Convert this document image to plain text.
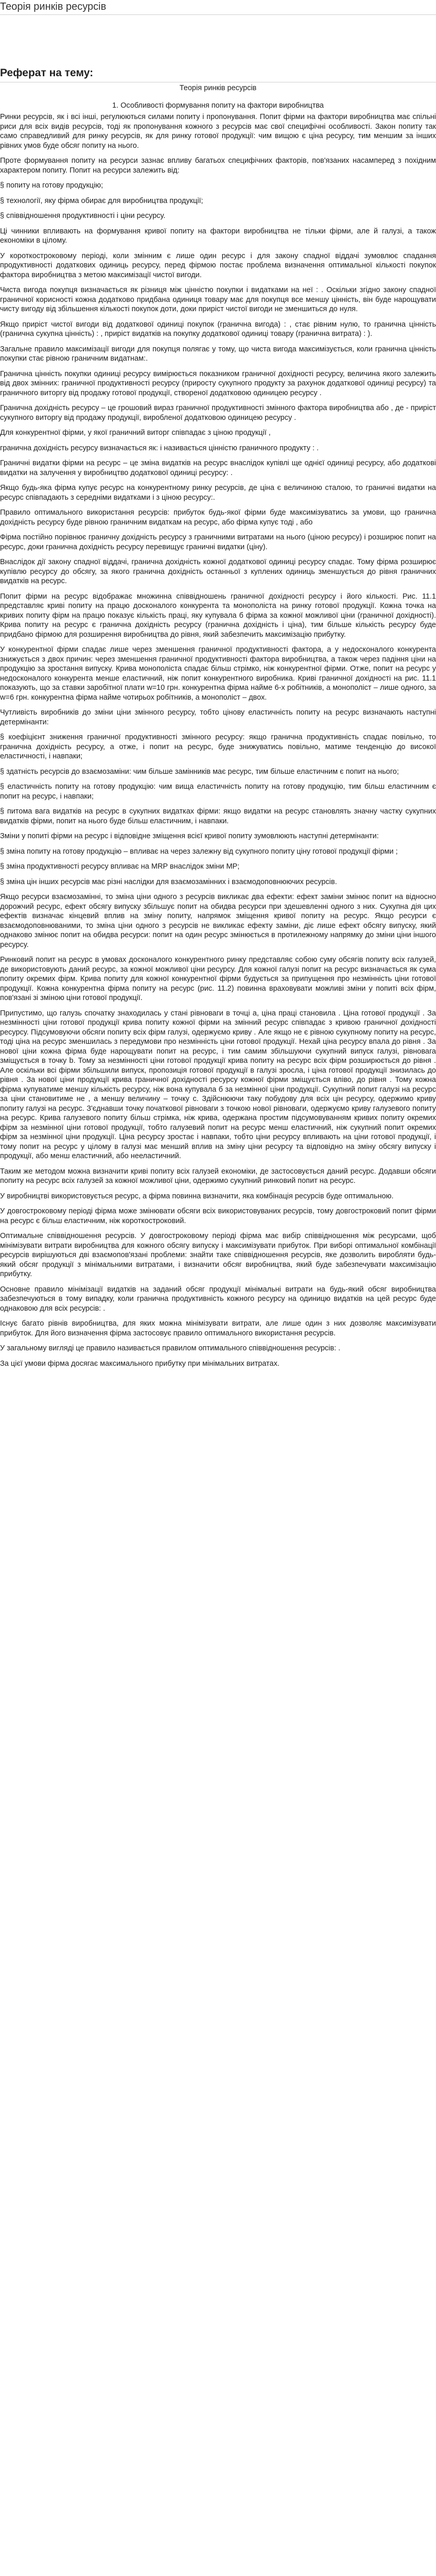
Теорія ринків ресурсів
Реферат на тему:
Теорія ринків ресурсів
1. Особливості формування попиту на фактори виробництва

Ринки ресурсів, як і всі інші, регулюються силами попиту і пропонування. Попит фірми на фактори виробництва має спільні риси для всіх видів ресурсів, тоді як пропонування кожного з ресурсів має свої специфічні особливості. Закон попиту так само справедливий для ринку ресурсів, як для ринку готової продукції: чим вищою є ціна ресурсу, тим меншим за інших рівних умов буде обсяг попиту на нього.

Проте формування попиту на ресурси зазнає впливу багатьох специфічних факторів, пов'язаних насамперед з похідним характером попиту. Попит на ресурси залежить від:

§ попиту на готову продукцію;

§ технології, яку фірма обирає для виробництва продукції;

§ співвідношення продуктивності і ціни ресурсу.

Ці чинники впливають на формування кривої попиту на фактори виробництва не тільки фірми, але й галузі, а також економіки в цілому.

У короткостроковому періоді, коли змінним є лише один ресурс і для закону спадної віддачі зумовлює спадання продуктивності додаткових одиниць ресурсу, перед фірмою постає проблема визначення оптимальної кількості покупок фактора виробництва з метою максимізації чистої вигоди.

Чиста вигода покупця визначається як різниця між цінністю покупки і видатками на неї : . Оскільки згідно закону спадної граничної корисності кожна додатково придбана одиниця товару має для покупця все меншу цінність, він буде нарощувати чисту вигоду від збільшення кількості покупок доти, доки приріст чистої вигоди не зменшиться до нуля.

Якщо приріст чистої вигоди від додаткової одиниці покупок (гранична вигода) : , стає рівним нулю, то гранична цінність (гранична сукупна цінність) : , приріст видатків на покупку додаткової одиниці товару (гранична витрата) : ).

Загальне правило максимізації вигоди для покупця полягає у тому, що чиста вигода максимізується, коли гранична цінність покупки стає рівною граничним видатнам:.

Гранична цінність покупки одиниці ресурсу вимірюється показником граничної дохідності ресурсу, величина якого залежить від двох змінних: граничної продуктивності ресурсу (приросту сукупного продукту за рахунок додаткової одиниці ресурсу) та граничного виторгу від продажу готової продукції, створеної додатковою одиницею ресурсу .

Гранична дохідність ресурсу – це грошовий вираз граничної продуктивності змінного фактора виробництва або , де - приріст сукупного виторгу від продажу продукції, виробленої додатковою одиницею ресурсу .

Для конкурентної фірми, у якої граничний виторг співпадає з ціною продукції ,

гранична дохідність ресурсу визначається як: і називається цінністю граничного продукту : .

Граничні видатки фірми на ресурс – це зміна видатків на ресурс внаслідок купівлі ще однієї одиниці ресурсу, або додаткові видатки на залучення у виробництво додаткової одиниці ресурсу: .

Якщо будь-яка фірма купує ресурс на конкурентному ринку ресурсів, де ціна є величиною сталою, то граничні видатки на ресурс співпадають з середніми видатками і з ціною ресурсу:.

Правило оптимального використання ресурсів: прибуток будь-якої фірми буде максимізуватись за умови, що гранична дохідність ресурсу буде рівною граничним видаткам на ресурс, або фірма купує тоді , або

Фірма постійно порівнює граничну дохідність ресурсу з граничними витратами на нього (ціною ресурсу) і розширює попит на ресурс, доки гранична дохідність ресурсу перевищує граничні видатки (ціну).

Внаслідок дії закону спадної віддачі, гранична дохідність кожної додаткової одиниці ресурсу спадає. Тому фірма розширює купівлю ресурсу до обсягу, за якого гранична дохідність останньої з куплених одиниць зменшується до рівня граничних видатків на ресурс.

Попит фірми на ресурс відображає множинна співвідношень граничної дохідності ресурсу і його кількості. Рис. 11.1 представляє криві попиту на працю досконалого конкурента та монополіста на ринку готової продукції. Кожна точка на кривих попиту фірм на працю показує кількість праці, яку купувала б фірма за кожної можливої ціни (граничної дохідності). Крива попиту на ресурс є гранична дохідність ресурсу (гранична дохідність і ціна), тим більше кількість ресурсу буде придбано фірмою для розширення виробництва до рівня, який забезпечить максимізацію прибутку.

У конкурентної фірми спадає лише через зменшення граничної продуктивності фактора, а у недосконалого конкурента знижується з двох причин: через зменшення граничної продуктивності фактора виробництва, а також через падіння ціни на продукцію за зростання випуску. Крива монополіста спадає більш стрімко, ніж конкурентної фірми. Отже, попит на ресурс у недосконалого конкурента менше еластичний, ніж попит конкурентного виробника. Криві граничної дохідності на рис. 11.1 показують, що за ставки заробітної плати w=10 грн. конкурентна фірма найме 6-х робітників, а монополіст – лише одного, за w=6 грн. конкурентна фірма найме чотирьох робітників, а монополіст – двох.

Чутливість виробників до зміни ціни змінного ресурсу, тобто цінову еластичність попиту на ресурс визначають наступні детермінанти:

§ коефіцієнт зниження граничної продуктивності змінного ресурсу: якщо гранична продуктивність спадає повільно, то гранична дохідність ресурсу, а отже, і попит на ресурс, буде знижуватись повільно, матиме тенденцію до високої еластичності, і навпаки;

§ здатність ресурсів до взаємозаміни: чим більше замінників має ресурс, тим більше еластичним є попит на нього;

§ еластичність попиту на готову продукцію: чим вища еластичність попиту на готову продукцію, тим більш еластичним є попит на ресурс, і навпаки;

§ питома вага видатків на ресурс в сукупних видатках фірми: якщо видатки на ресурс становлять значну частку сукупних видатків фірми, попит на нього буде більш еластичним, і навпаки.

Зміни у попиті фірми на ресурс і відповідне зміщення всієї кривої попиту зумовлюють наступні детермінанти:

§ зміна попиту на готову продукцію – впливає на через залежну від сукупного попиту ціну готової продукції фірми ;

§ зміна продуктивності ресурсу впливає на MRP внаслідок зміни MP;

§ зміна цін інших ресурсів має різні наслідки для взаємозамінних і взаємодоповнюючих ресурсів.

Якщо ресурси взаємозамінні, то зміна ціни одного з ресурсів викликає два ефекти: ефект заміни змінює попит на відносно дорожчий ресурс, ефект обсягу випуску збільшує попит на обидва ресурси при здешевленні одного з них. Сукупна дія цих ефектів визначає кінцевий вплив на зміну попиту, напрямок зміщення кривої попиту на ресурс. Якщо ресурси є взаємодоповнюваними, то зміна ціни одного з ресурсів не викликає ефекту заміни, діє лише ефект обсягу випуску, який однаково змінює попит на обидва ресурси: попит на один ресурс змінюється в протилежному напрямку до зміни ціни іншого ресурсу.

Ринковий попит на ресурс в умовах досконалого конкурентного ринку представляє собою суму обсягів попиту всіх галузей, де використовують даний ресурс, за кожної можливої ціни ресурсу. Для кожної галузі попит на ресурс визначається як сума попиту окремих фірм. Крива попиту для кожної конкурентної фірми будується за припущення про незмінність ціни готової продукції. Кожна конкурентна фірма попиту на ресурс (рис. 11.2) повинна враховувати можливі зміни у попиті всіх фірм, пов'язані зі зміною ціни готової продукції.

Припустимо, що галузь спочатку знаходилась у стані рівноваги в точці а, ціна праці становила . Ціна готової продукції . За незмінності ціни готової продукції крива попиту кожної фірми на змінний ресурс співпадає з кривою граничної дохідності ресурсу. Підсумовуючи обсяги попиту всіх фірм галузі, одержуємо криву . Але якщо не є рівною сукупному попиту на ресурс, тоді ціна на ресурс зменшилась з передумови про незмінність ціни готової продукції. Нехай ціна ресурсу впала до рівня . За нової ціни кожна фірма буде нарощувати попит на ресурс, і тим самим збільшуючи сукупний випуск галузі, рівновага зміщується в точку b. Тому за незмінності ціни готової продукції крива попиту на ресурс всіх фірм розширюється до рівня . Але оскільки всі фірми збільшили випуск, пропозиція готової продукції в галузі зросла, і ціна готової продукції знизилась до рівня . За нової ціни продукції крива граничної дохідності ресурсу кожної фірми зміщується вліво, до рівня . Тому кожна фірма купуватиме меншу кількість ресурсу, ніж вона купувала б за незмінної ціни продукції. Сукупний попит галузі на ресурс за ціни становитиме не , а меншу величину – точку c. Здійснюючи таку побудову для всіх цін ресурсу, одержимо криву попиту галузі на ресурс. З'єднавши точку початкової рівноваги з точкою нової рівноваги, одержуємо криву галузевого попиту на ресурс. Крива галузевого попиту більш стрімка, ніж крива, одержана простим підсумовуванням кривих попиту окремих фірм за незмінної ціни готової продукції, тобто галузевий попит на ресурс менш еластичний, ніж сукупний попит окремих фірм за незмінної ціни продукції. Ціна ресурсу зростає і навпаки, тобто ціни ресурсу впливають на ціни готової продукції, і тому попит на ресурс у цілому в галузі має менший вплив на зміну ціни ресурсу та відповідно на зміну обсягу випуску і продукції, або менш еластичний, або нееластичний.

Таким же методом можна визначити криві попиту всіх галузей економіки, де застосовується даний ресурс. Додавши обсяги попиту на ресурс всіх галузей за кожної можливої ціни, одержимо сукупний ринковий попит на ресурс.

У виробництві використовується ресурс, а фірма повинна визначити, яка комбінація ресурсів буде оптимальною.

У довгостроковому періоді фірма може змінювати обсяги всіх використовуваних ресурсів, тому довгостроковий попит фірми на ресурс є більш еластичним, ніж короткостроковий.

Оптимальне співвідношення ресурсів. У довгостроковому періоді фірма має вибір співвідношення між ресурсами, щоб мінімізувати витрати виробництва для кожного обсягу випуску і максимізувати прибуток. При виборі оптимальної комбінації ресурсів вирішуються дві взаємопов'язані проблеми: знайти таке співвідношення ресурсів, яке дозволить виробляти будь-який обсяг продукції з мінімальними витратами, і визначити обсяг виробництва, який буде забезпечувати максимізацію прибутку.

Основне правило мінімізації видатків на заданий обсяг продукції мінімальні витрати на будь-який обсяг виробництва забезпечуються в тому випадку, коли гранична продуктивність кожного ресурсу на одиницю видатків на цей ресурс буде однаковою для всіх ресурсів: .

Існує багато рівнів виробництва, для яких можна мінімізувати витрати, але лише один з них дозволяє максимізувати прибуток. Для його визначення фірма застосовує правило оптимального використання ресурсів.

У загальному вигляді це правило називається правилом оптимального співвідношення ресурсів: .

За цієї умови фірма досягає максимального прибутку при мінімальних витратах.
